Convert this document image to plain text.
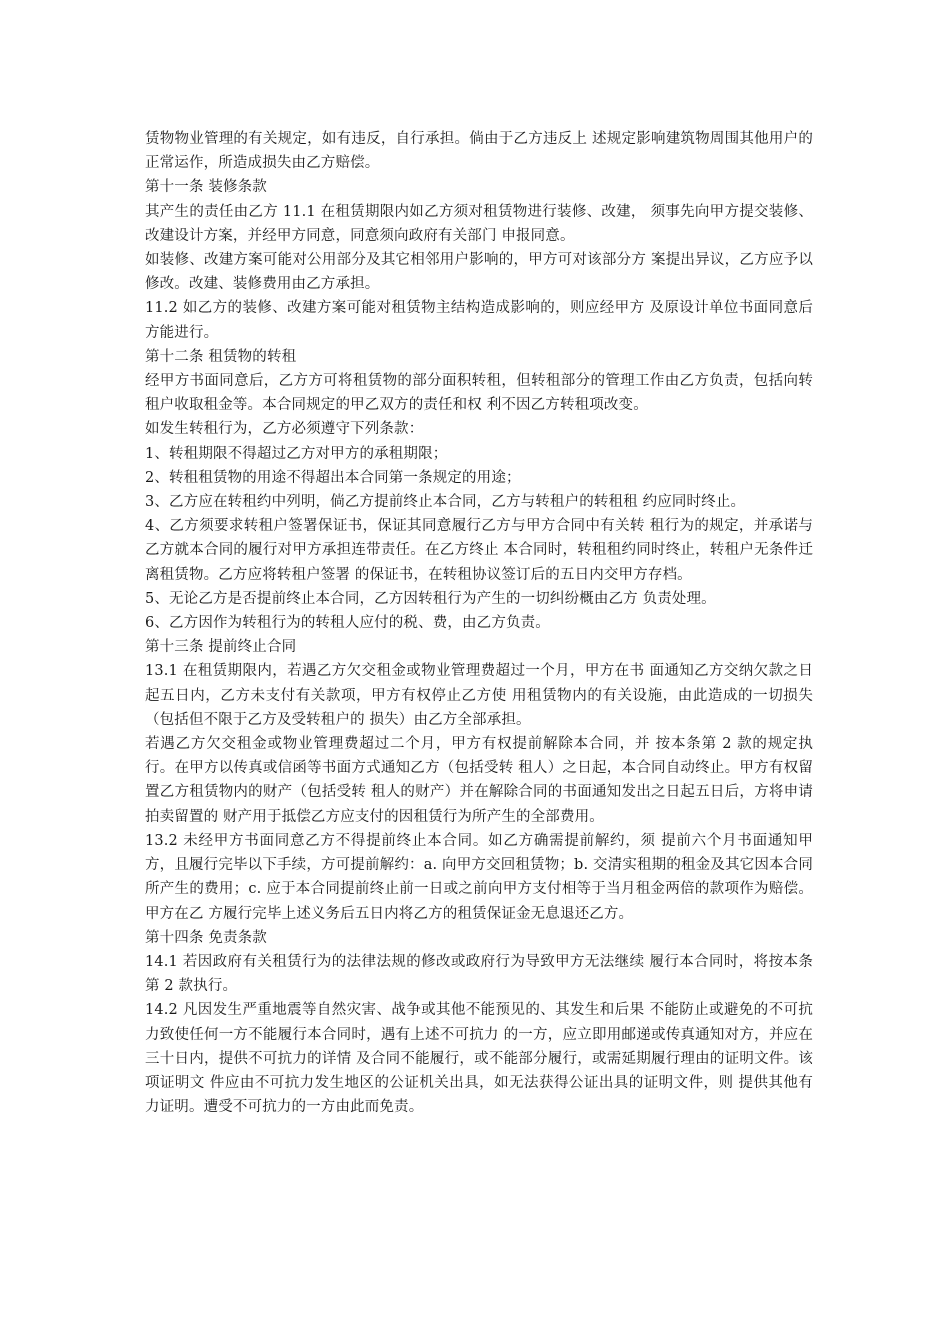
赁物物业管理的有关规定，如有违反，自行承担。倘由于乙方违反上 述规定影响建筑物周围其他用户的正常运作，所造成损失由乙方赔偿。

第十一条 装修条款

其产生的责任由乙方 11.1 在租赁期限内如乙方须对租赁物进行装修、改建， 须事先向甲方提交装修、改建设计方案，并经甲方同意，同意须向政府有关部门 申报同意。

如装修、改建方案可能对公用部分及其它相邻用户影响的，甲方可对该部分方 案提出异议，乙方应予以修改。改建、装修费用由乙方承担。

11.2 如乙方的装修、改建方案可能对租赁物主结构造成影响的，则应经甲方 及原设计单位书面同意后方能进行。

第十二条 租赁物的转租

经甲方书面同意后，乙方方可将租赁物的部分面积转租，但转租部分的管理工作由乙方负责，包括向转租户收取租金等。本合同规定的甲乙双方的责任和权 利不因乙方转租项改变。

如发生转租行为，乙方必须遵守下列条款：

1、转租期限不得超过乙方对甲方的承租期限；

2、转租租赁物的用途不得超出本合同第一条规定的用途；

3、乙方应在转租约中列明，倘乙方提前终止本合同，乙方与转租户的转租租 约应同时终止。

4、乙方须要求转租户签署保证书，保证其同意履行乙方与甲方合同中有关转 租行为的规定，并承诺与乙方就本合同的履行对甲方承担连带责任。在乙方终止 本合同时，转租租约同时终止，转租户无条件迁离租赁物。乙方应将转租户签署 的保证书，在转租协议签订后的五日内交甲方存档。

5、无论乙方是否提前终止本合同，乙方因转租行为产生的一切纠纷概由乙方 负责处理。

6、乙方因作为转租行为的转租人应付的税、费，由乙方负责。

第十三条 提前终止合同

13.1 在租赁期限内，若遇乙方欠交租金或物业管理费超过一个月，甲方在书 面通知乙方交纳欠款之日起五日内，乙方未支付有关款项，甲方有权停止乙方使 用租赁物内的有关设施，由此造成的一切损失（包括但不限于乙方及受转租户的 损失）由乙方全部承担。

若遇乙方欠交租金或物业管理费超过二个月，甲方有权提前解除本合同，并 按本条第 2 款的规定执行。在甲方以传真或信函等书面方式通知乙方（包括受转 租人）之日起，本合同自动终止。甲方有权留置乙方租赁物内的财产（包括受转 租人的财产）并在解除合同的书面通知发出之日起五日后，方将申请拍卖留置的 财产用于抵偿乙方应支付的因租赁行为所产生的全部费用。

13.2 未经甲方书面同意乙方不得提前终止本合同。如乙方确需提前解约，须 提前六个月书面通知甲方，且履行完毕以下手续，方可提前解约：a. 向甲方交回租赁物；b. 交清实租期的租金及其它因本合同所产生的费用；c. 应于本合同提前终止前一日或之前向甲方支付相等于当月租金两倍的款项作为赔偿。甲方在乙 方履行完毕上述义务后五日内将乙方的租赁保证金无息退还乙方。

第十四条 免责条款

14.1 若因政府有关租赁行为的法律法规的修改或政府行为导致甲方无法继续 履行本合同时，将按本条第 2 款执行。

14.2 凡因发生严重地震等自然灾害、战争或其他不能预见的、其发生和后果 不能防止或避免的不可抗力致使任何一方不能履行本合同时，遇有上述不可抗力 的一方，应立即用邮递或传真通知对方，并应在三十日内，提供不可抗力的详情 及合同不能履行，或不能部分履行，或需延期履行理由的证明文件。该项证明文 件应由不可抗力发生地区的公证机关出具，如无法获得公证出具的证明文件，则 提供其他有力证明。遭受不可抗力的一方由此而免责。
